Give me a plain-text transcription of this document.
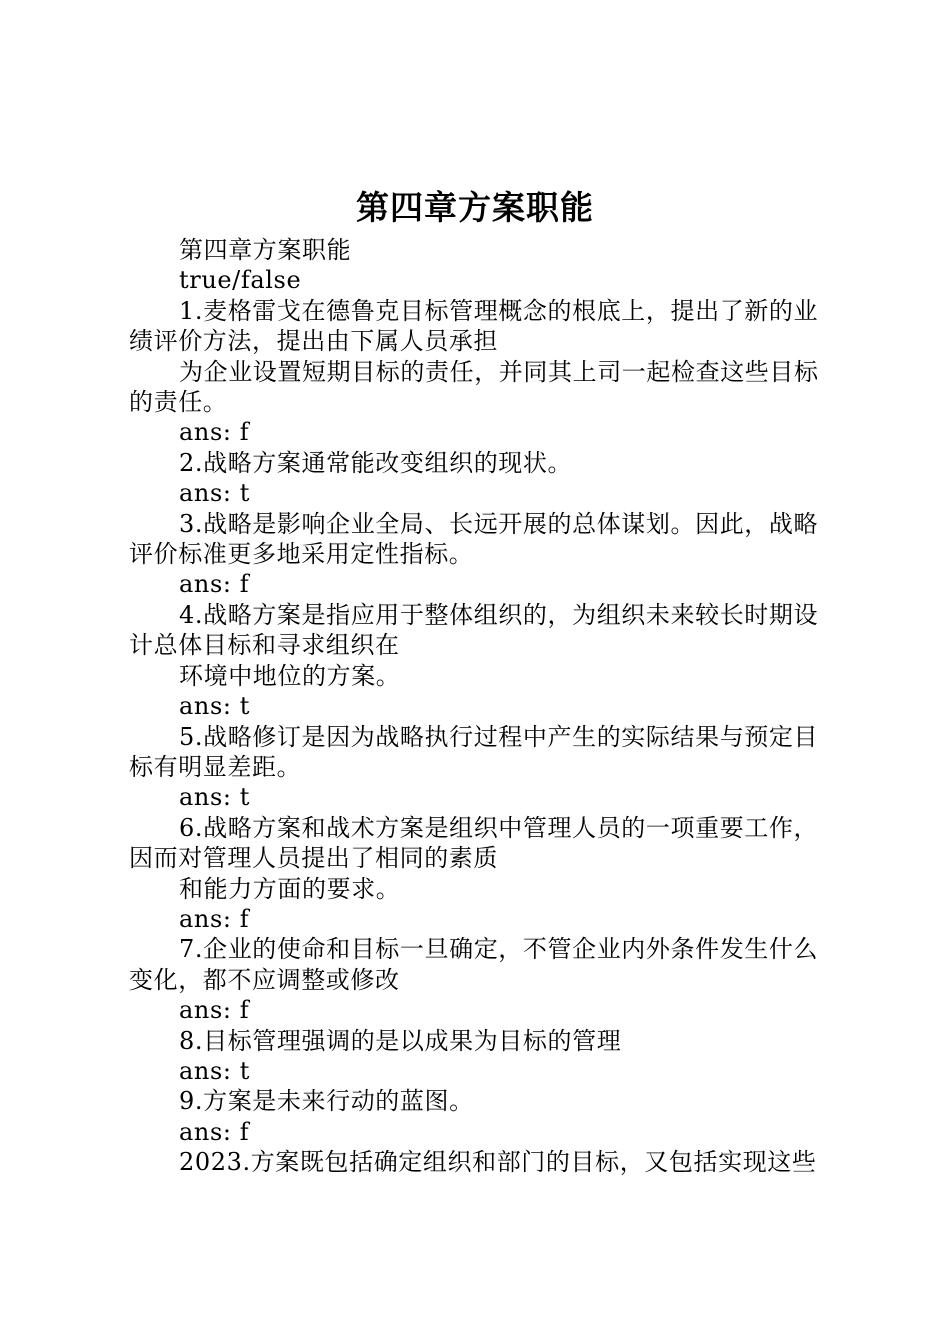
第四章方案职能

第四章方案职能

true/false

1.麦格雷戈在德鲁克目标管理概念的根底上，提出了新的业

绩评价方法，提出由下属人员承担

为企业设置短期目标的责任，并同其上司一起检查这些目标

的责任。

ans: f

2.战略方案通常能改变组织的现状。

ans: t

3.战略是影响企业全局、长远开展的总体谋划。因此，战略

评价标准更多地采用定性指标。

ans: f

4.战略方案是指应用于整体组织的，为组织未来较长时期设

计总体目标和寻求组织在

环境中地位的方案。

ans: t

5.战略修订是因为战略执行过程中产生的实际结果与预定目

标有明显差距。

ans: t

6.战略方案和战术方案是组织中管理人员的一项重要工作，

因而对管理人员提出了相同的素质

和能力方面的要求。

ans: f

7.企业的使命和目标一旦确定，不管企业内外条件发生什么

变化，都不应调整或修改

ans: f

8.目标管理强调的是以成果为目标的管理

ans: t

9.方案是未来行动的蓝图。

ans: f

2023.方案既包括确定组织和部门的目标，又包括实现这些
